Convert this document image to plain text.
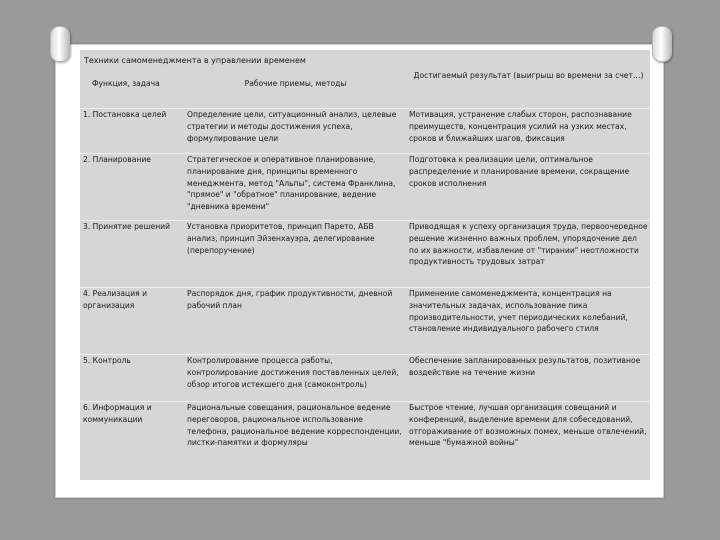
Техники самоменеджмента в управлении временем
Функция, задача	Рабочие приемы, методы	Достигаемый результат (выигрыш во времени за счет…)
1. Постановка целей	Определение цели, ситуационный анализ, целевые стратегии и методы достижения успеха, формулирование цели	Мотивация, устранение слабых сторон, распознавание преимуществ, концентрация усилий на узких местах, сроков и ближайших шагов, фиксация
2. Планирование	Стратегическое и оперативное планирование, планирование дня, принципы временного менеджмента, метод "Альпы", система Франклина, "прямое" и "обратное" планирование, ведение "дневника времени"	Подготовка к реализации цели, оптимальное распределение и планирование времени, сокращение сроков исполнения
3. Принятие решений	Установка приоритетов, принцип Парето, АБВ анализ, принцип Эйзенхауэра, делегирование (перепоручение)	Приводящая к успеху организация труда, первоочередное решение жизненно важных проблем, упорядочение дел по их важности, избавление от "тирании" неотложности продуктивность трудовых затрат
4. Реализация и организация	Распорядок дня, график продуктивности, дневной рабочий план	Применение самоменеджмента, концентрация на значительных задачах, использование пика производительности, учет периодических колебаний, становление индивидуального рабочего стиля
5. Контроль	Контролирование процесса работы, контролирование достижения поставленных целей, обзор итогов истекшего дня (самоконтроль)	Обеспечение запланированных результатов, позитивное воздействие на течение жизни
6. Информация и коммуникации	Рациональные совещания, рациональное ведение переговоров, рациональное использование телефона, рациональное ведение корреспонденции, листки-памятки и формуляры	Быстрое чтение, лучшая организация совещаний и конференций, выделение времени для собеседований, отгораживание от возможных помех, меньше отвлечений, меньше "бумажной войны"
